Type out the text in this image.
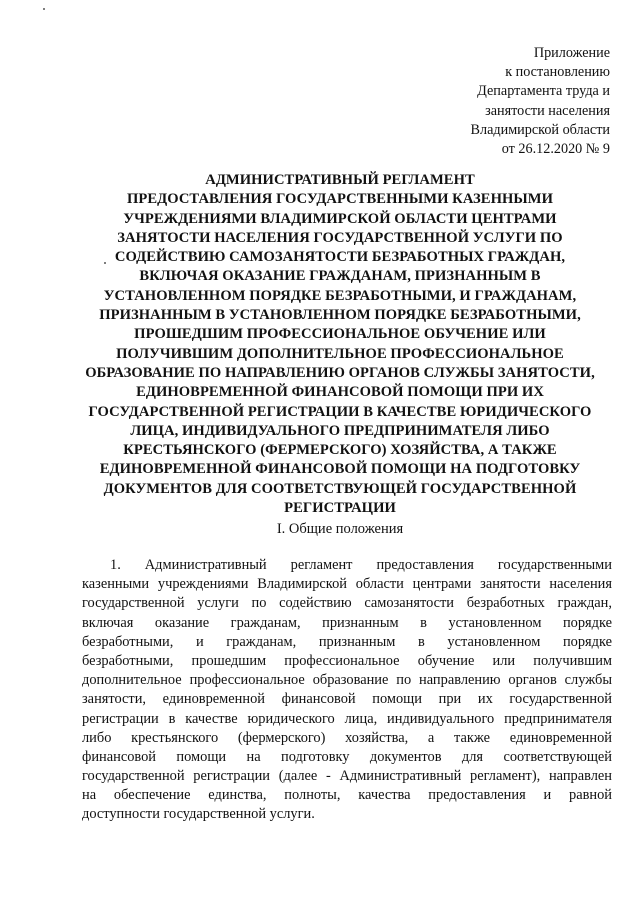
Приложение
к постановлению
Департамента труда и
занятости населения
Владимирской области
от 26.12.2020 № 9
АДМИНИСТРАТИВНЫЙ РЕГЛАМЕНТ
ПРЕДОСТАВЛЕНИЯ ГОСУДАРСТВЕННЫМИ КАЗЕННЫМИ
УЧРЕЖДЕНИЯМИ ВЛАДИМИРСКОЙ ОБЛАСТИ ЦЕНТРАМИ
ЗАНЯТОСТИ НАСЕЛЕНИЯ ГОСУДАРСТВЕННОЙ УСЛУГИ ПО
СОДЕЙСТВИЮ САМОЗАНЯТОСТИ БЕЗРАБОТНЫХ ГРАЖДАН,
ВКЛЮЧАЯ ОКАЗАНИЕ ГРАЖДАНАМ, ПРИЗНАННЫМ В
УСТАНОВЛЕННОМ ПОРЯДКЕ БЕЗРАБОТНЫМИ, И ГРАЖДАНАМ,
ПРИЗНАННЫМ В УСТАНОВЛЕННОМ ПОРЯДКЕ БЕЗРАБОТНЫМИ,
ПРОШЕДШИМ ПРОФЕССИОНАЛЬНОЕ ОБУЧЕНИЕ ИЛИ
ПОЛУЧИВШИМ ДОПОЛНИТЕЛЬНОЕ ПРОФЕССИОНАЛЬНОЕ
ОБРАЗОВАНИЕ ПО НАПРАВЛЕНИЮ ОРГАНОВ СЛУЖБЫ ЗАНЯТОСТИ,
ЕДИНОВРЕМЕННОЙ ФИНАНСОВОЙ ПОМОЩИ ПРИ ИХ
ГОСУДАРСТВЕННОЙ РЕГИСТРАЦИИ В КАЧЕСТВЕ ЮРИДИЧЕСКОГО
ЛИЦА, ИНДИВИДУАЛЬНОГО ПРЕДПРИНИМАТЕЛЯ ЛИБО
КРЕСТЬЯНСКОГО (ФЕРМЕРСКОГО) ХОЗЯЙСТВА, А ТАКЖЕ
ЕДИНОВРЕМЕННОЙ ФИНАНСОВОЙ ПОМОЩИ НА ПОДГОТОВКУ
ДОКУМЕНТОВ ДЛЯ СООТВЕТСТВУЮЩЕЙ ГОСУДАРСТВЕННОЙ
РЕГИСТРАЦИИ
I. Общие положения
1. Административный регламент предоставления государственными
казенными учреждениями Владимирской области центрами занятости населения
государственной услуги по содействию самозанятости безработных граждан,
включая оказание гражданам, признанным в установленном порядке
безработными, и гражданам, признанным в установленном порядке
безработными, прошедшим профессиональное обучение или получившим
дополнительное профессиональное образование по направлению органов службы
занятости, единовременной финансовой помощи при их государственной
регистрации в качестве юридического лица, индивидуального предпринимателя
либо крестьянского (фермерского) хозяйства, а также единовременной
финансовой помощи на подготовку документов для соответствующей
государственной регистрации (далее - Административный регламент), направлен
на обеспечение единства, полноты, качества предоставления и равной
доступности государственной услуги.
